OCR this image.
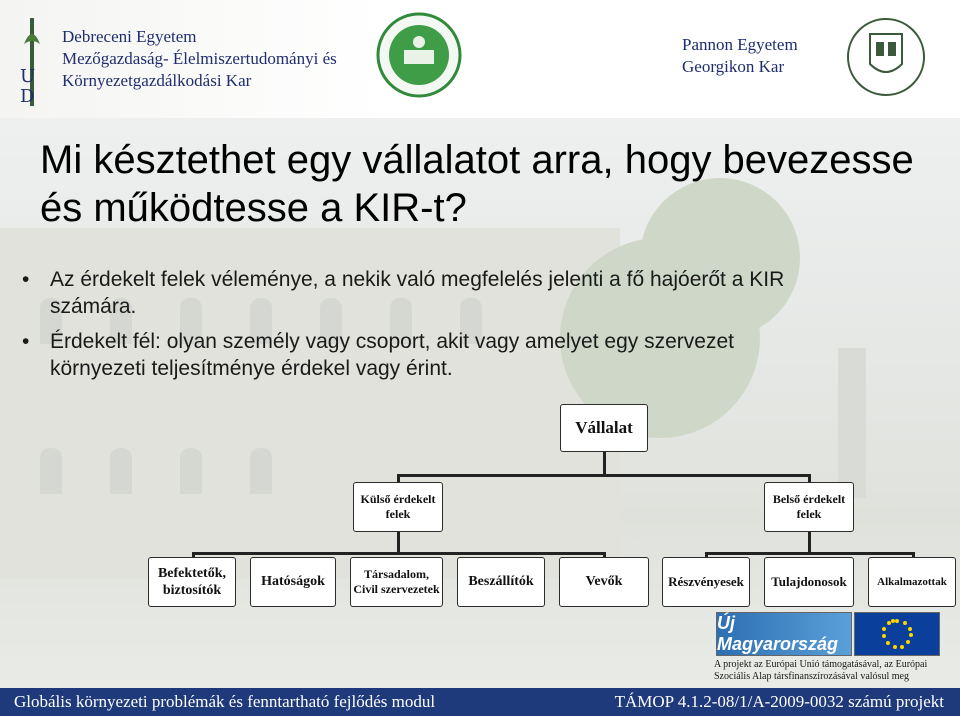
U
D
Debreceni Egyetem
Mezőgazdaság- Élelmiszertudományi és
Környezetgazdálkodási Kar
Pannon Egyetem
Georgikon Kar
Mi késztethet egy vállalatot arra, hogy bevezesse és működtesse a KIR-t?
• Az érdekelt felek véleménye, a nekik való megfelelés jelenti a fő hajóerőt a KIR számára.
• Érdekelt fél: olyan személy vagy csoport, akit vagy amelyet egy szervezet környezeti teljesítménye érdekel vagy érint.
Vállalat
Külső érdekelt felek
Belső érdekelt felek
Befektetők, biztosítók
Hatóságok	Társadalom, Civil szervezetek	Beszállítók	Vevők	Részvényesek	Tulajdonosok	Alkalmazottak
Új Magyarország
A projekt az Európai Unió támogatásával, az Európai Szociális Alap társfinanszírozásával valósul meg
Globális környezeti problémák és fenntartható fejlődés modul	TÁMOP 4.1.2-08/1/A-2009-0032 számú projekt
